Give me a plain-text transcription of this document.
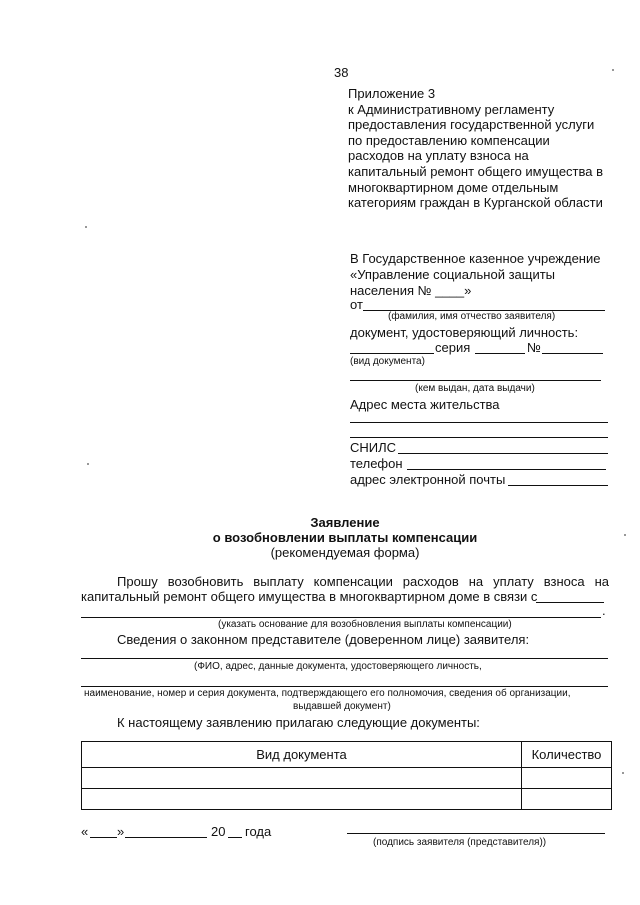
38
Приложение 3
к Административному регламенту
предоставления государственной услуги
по предоставлению компенсации
расходов на уплату взноса на
капитальный ремонт общего имущества в
многоквартирном доме отдельным
категориям граждан в Курганской области
В Государственное казенное учреждение
«Управление социальной защиты
населения № ____»
от
(фамилия, имя отчество заявителя)
документ, удостоверяющий личность:
серия	№
(вид документа)
(кем выдан, дата выдачи)
Адрес места жительства
СНИЛС
телефон
адрес электронной почты
Заявление
о возобновлении выплаты компенсации
(рекомендуемая форма)
Прошу возобновить выплату компенсации расходов на уплату взноса на
капитальный ремонт общего имущества в многоквартирном доме в связи с
.
(указать основание для возобновления выплаты компенсации)
Сведения о законном представителе (доверенном лице) заявителя:
(ФИО, адрес, данные документа, удостоверяющего личность,
наименование, номер и серия документа, подтверждающего его полномочия, сведения об организации,
выдавшей документ)
К настоящему заявлению прилагаю следующие документы:
Вид документа	Количество

« »	20 года
(подпись заявителя (представителя))
